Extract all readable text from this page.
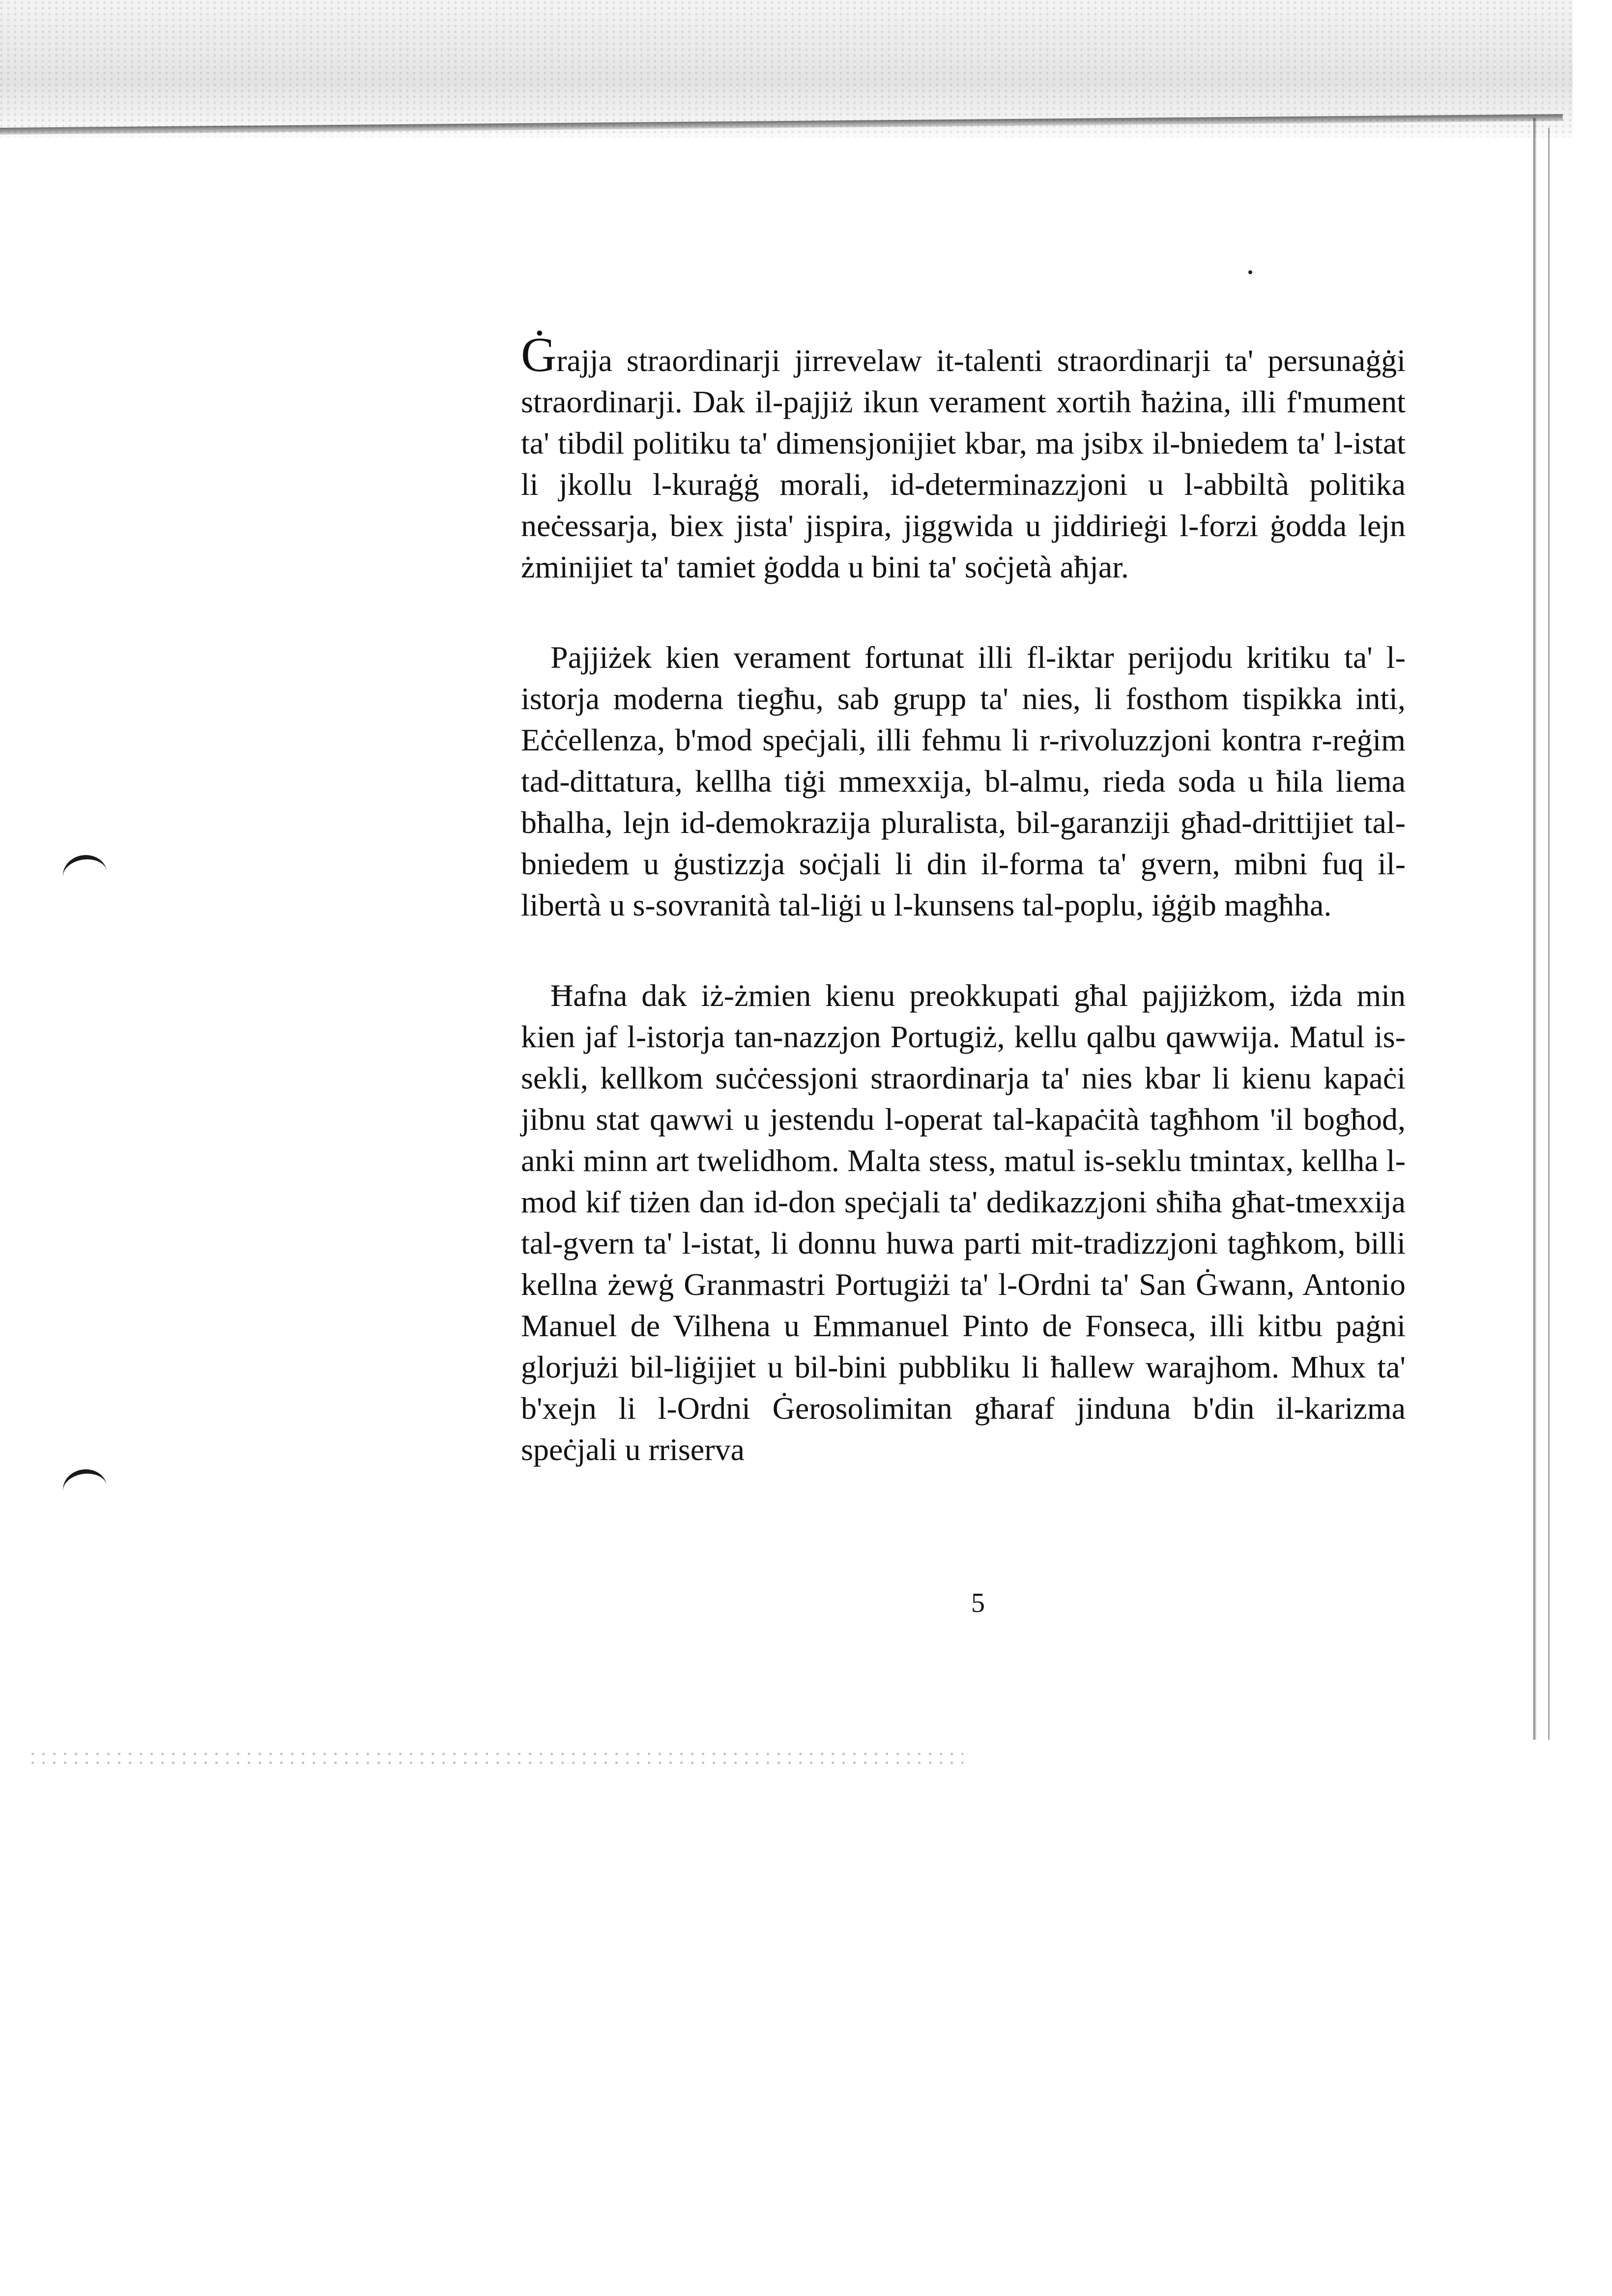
Ġrajja straordinarji jirrevelaw it-talenti straordinarji ta' persunaġġi straordinarji. Dak il-pajjiż ikun verament xortih ħażina, illi f'mument ta' tibdil politiku ta' dimensjonijiet kbar, ma jsibx il-bniedem ta' l-istat li jkollu l-kuraġġ morali, id-determinazzjoni u l-abbiltà politika neċessarja, biex jista' jispira, jiggwida u jiddirieġi l-forzi ġodda lejn żminijiet ta' tamiet ġodda u bini ta' soċjetà aħjar.

Pajjiżek kien verament fortunat illi fl-iktar perijodu kritiku ta' l-istorja moderna tiegħu, sab grupp ta' nies, li fosthom tispikka inti, Eċċellenza, b'mod speċjali, illi fehmu li r-rivoluzzjoni kontra r-reġim tad-dittatura, kellha tiġi mmexxija, bl-almu, rieda soda u ħila liema bħalha, lejn id-demokrazija pluralista, bil-garanziji għad-drittijiet tal-bniedem u ġustizzja soċjali li din il-forma ta' gvern, mibni fuq il-libertà u s-sovranità tal-liġi u l-kunsens tal-poplu, iġġib magħha.

Ħafna dak iż-żmien kienu preokkupati għal pajjiżkom, iżda min kien jaf l-istorja tan-nazzjon Portugiż, kellu qalbu qawwija. Matul is-sekli, kellkom suċċessjoni straordinarja ta' nies kbar li kienu kapaċi jibnu stat qawwi u jestendu l-operat tal-kapaċità tagħhom 'il bogħod, anki minn art twelidhom. Malta stess, matul is-seklu tmintax, kellha l-mod kif tiżen dan id-don speċjali ta' dedikazzjoni sħiħa għat-tmexxija tal-gvern ta' l-istat, li donnu huwa parti mit-tradizzjoni tagħkom, billi kellna żewġ Granmastri Portugiżi ta' l-Ordni ta' San Ġwann, Antonio Manuel de Vilhena u Emmanuel Pinto de Fonseca, illi kitbu paġni glorjużi bil-liġijiet u bil-bini pubbliku li ħallew warajhom. Mhux ta' b'xejn li l-Ordni Ġerosolimitan għaraf jinduna b'din il-karizma speċjali u rriserva

5
